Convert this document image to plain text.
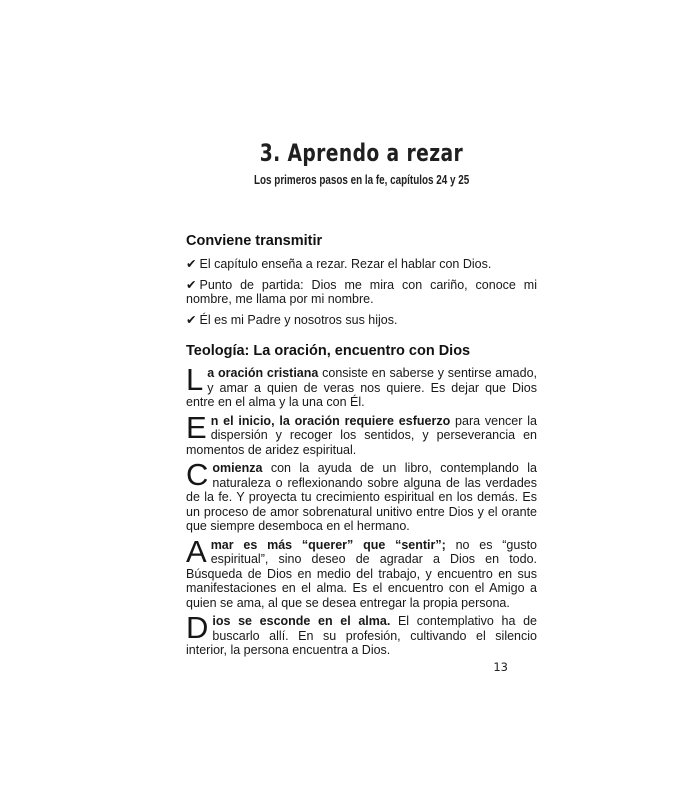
3. Aprendo a rezar
Los primeros pasos en la fe, capítulos 24 y 25
Conviene transmitir
✔ El capítulo enseña a rezar. Rezar el hablar con Dios.
✔ Punto de partida: Dios me mira con cariño, conoce mi nombre, me llama por mi nombre.
✔ Él es mi Padre y nosotros sus hijos.
Teología: La oración, encuentro con Dios

La oración cristiana consiste en saberse y sentirse amado, y amar a quien de veras nos quiere. Es dejar que Dios entre en el alma y la una con Él.

En el inicio, la oración requiere esfuerzo para vencer la dispersión y recoger los sentidos, y perseverancia en momentos de aridez espiritual.

Comienza con la ayuda de un libro, contemplando la naturaleza o reflexionando sobre alguna de las verdades de la fe. Y proyecta tu crecimiento espiritual en los demás. Es un proceso de amor sobrenatural unitivo entre Dios y el orante que siempre desemboca en el hermano.

Amar es más “querer” que “sentir”; no es “gusto espiritual”, sino deseo de agradar a Dios en todo. Búsqueda de Dios en medio del trabajo, y encuentro en sus manifestaciones en el alma. Es el encuentro con el Amigo a quien se ama, al que se desea entregar la propia persona.

Dios se esconde en el alma. El contemplativo ha de buscarlo allí. En su profesión, cultivando el silencio interior, la persona encuentra a Dios.

13
